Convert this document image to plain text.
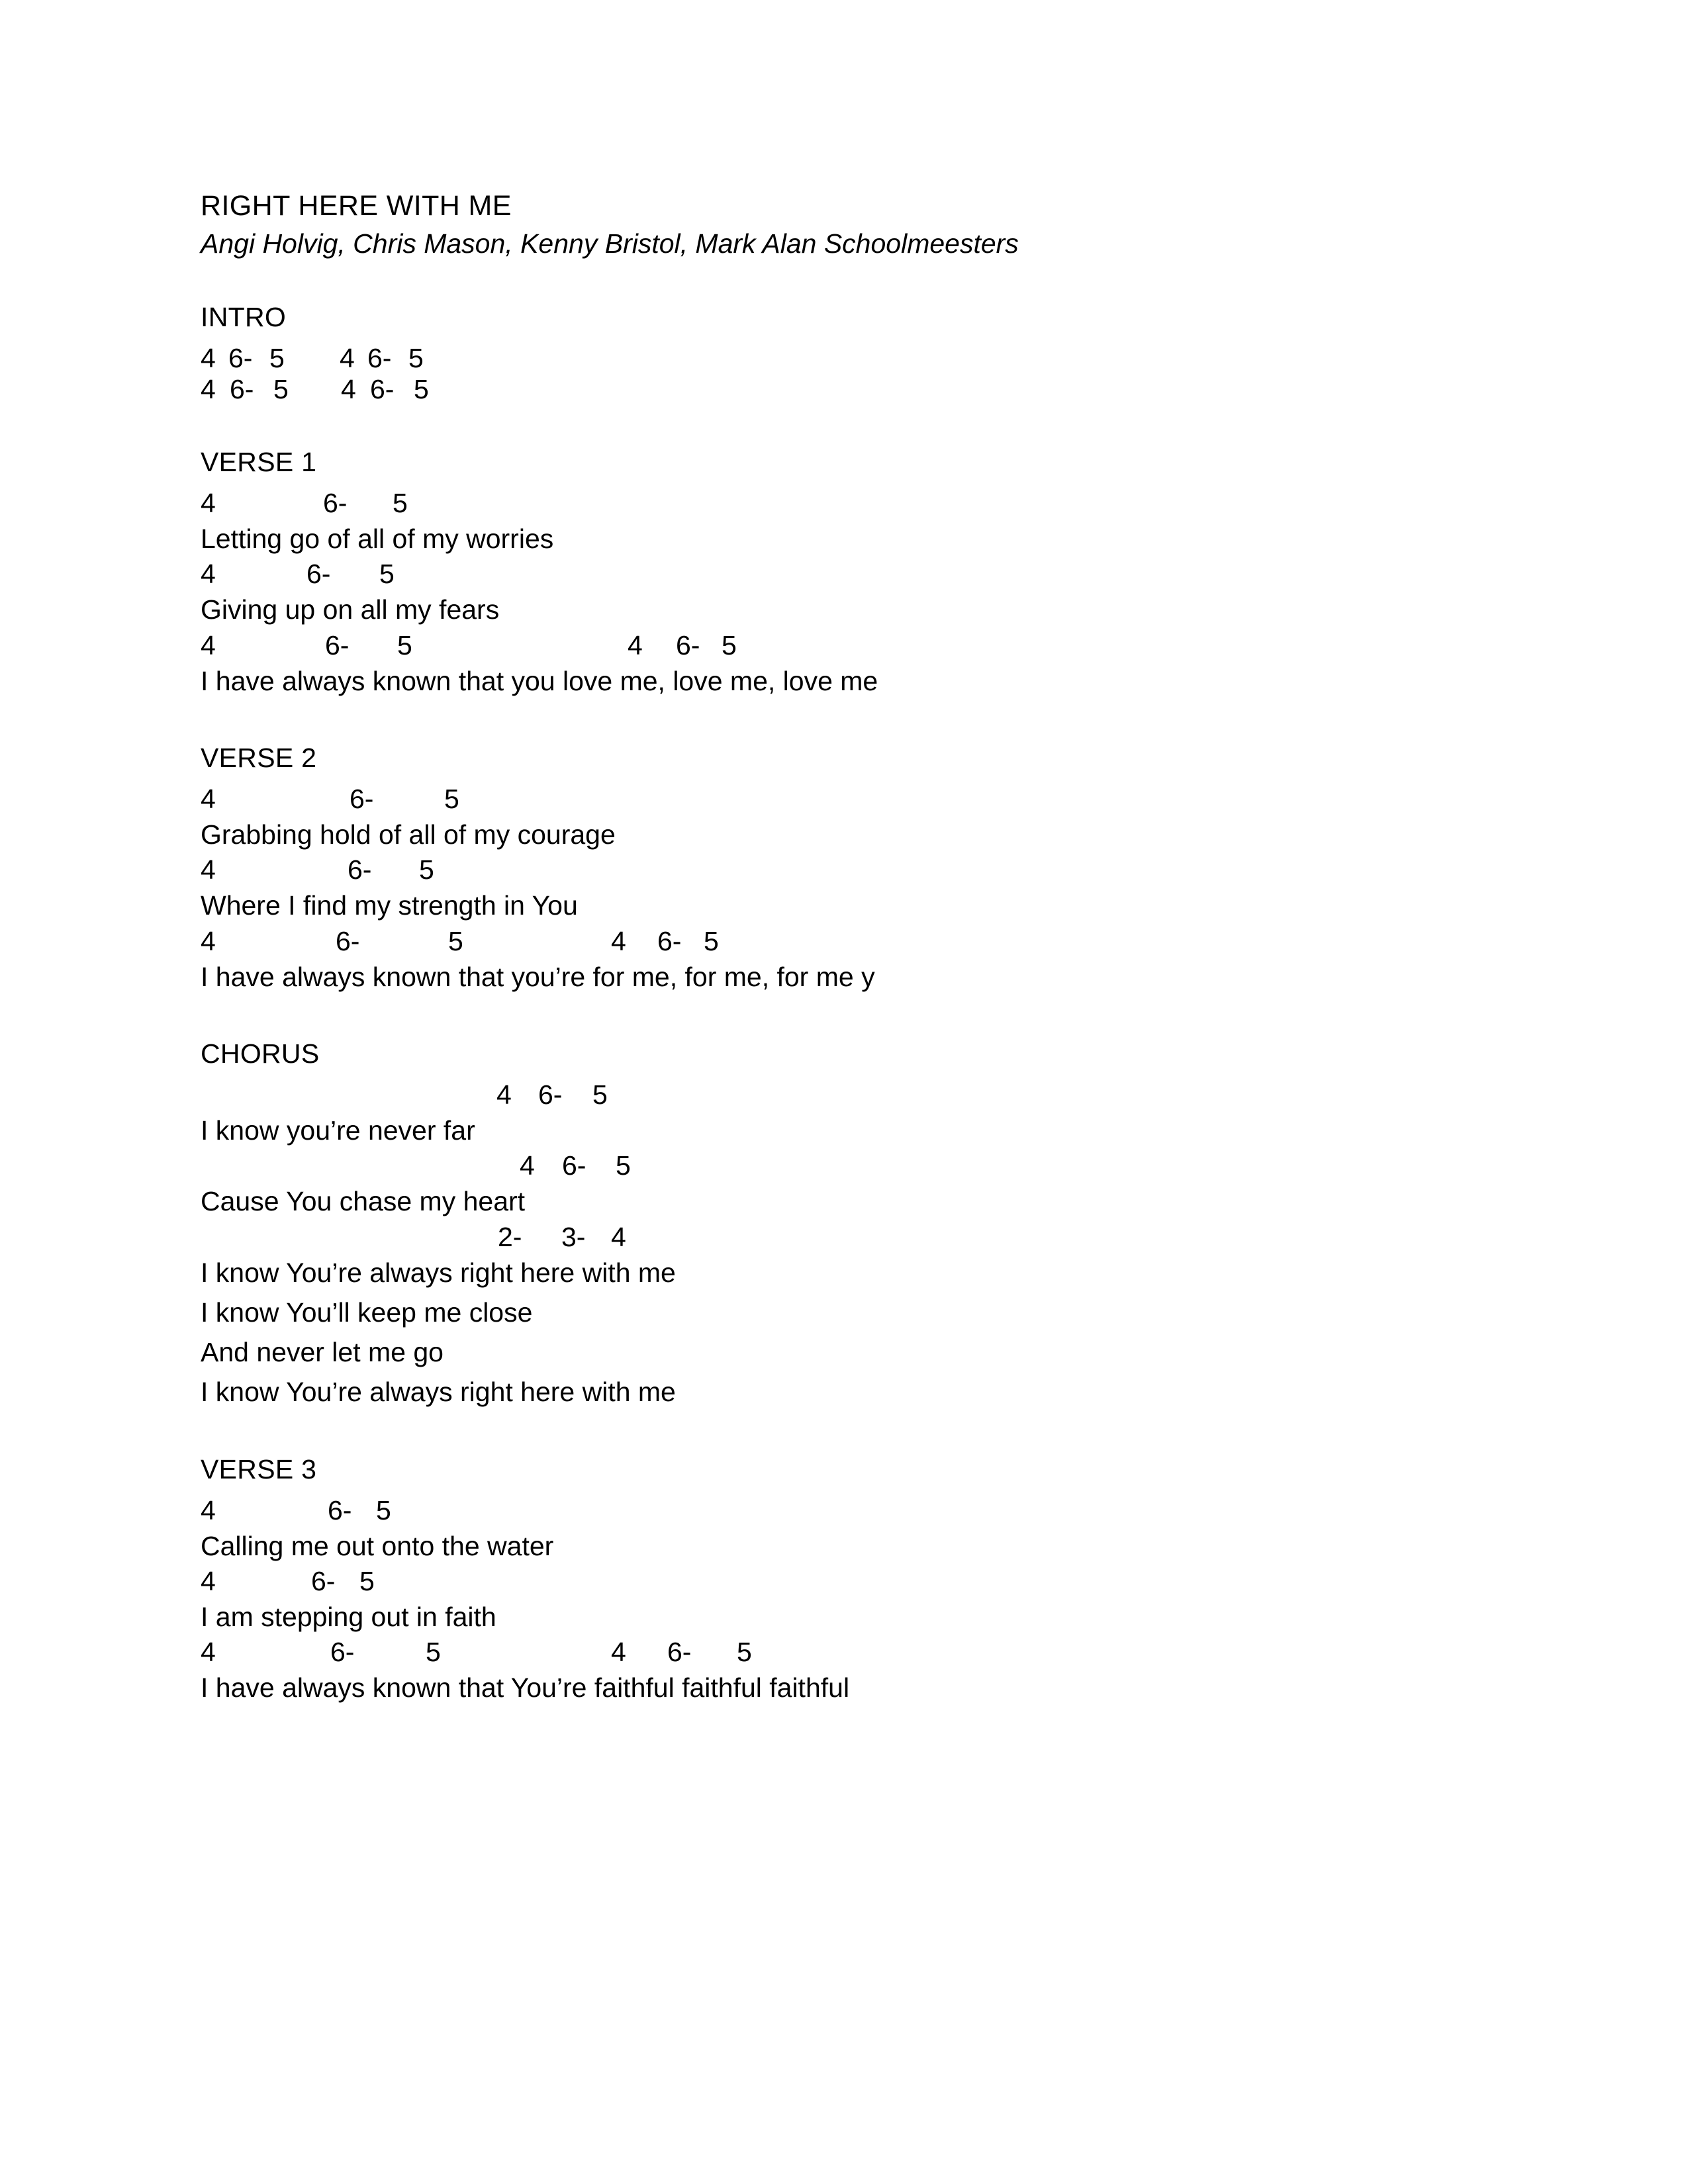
RIGHT HERE WITH ME

Angi Holvig, Chris Mason, Kenny Bristol, Mark Alan Schoolmeesters

INTRO
4 6- 5 4 6- 5
4 6- 5 4 6- 5
VERSE 1
4	6- 5
Letting go of all of my worries
4	6- 5
Giving up on all my fears
4	6- 5	4 6- 5
I have always known that you love me, love me, love me
VERSE 2
4	6-	5
Grabbing hold of all of my courage
4	6- 5
Where I find my strength in You
4	6-	5	4 6- 5
I have always known that you’re for me, for me, for me y
CHORUS
4 6- 5
I know you’re never far
4 6- 5
Cause You chase my heart
2- 3- 4
I know You’re always right here with me
I know You’ll keep me close
And never let me go
I know You’re always right here with me
VERSE 3
4	6- 5
Calling me out onto the water
4	6- 5
I am stepping out in faith
4	6-	5	4 6- 5
I have always known that You’re faithful faithful faithful
